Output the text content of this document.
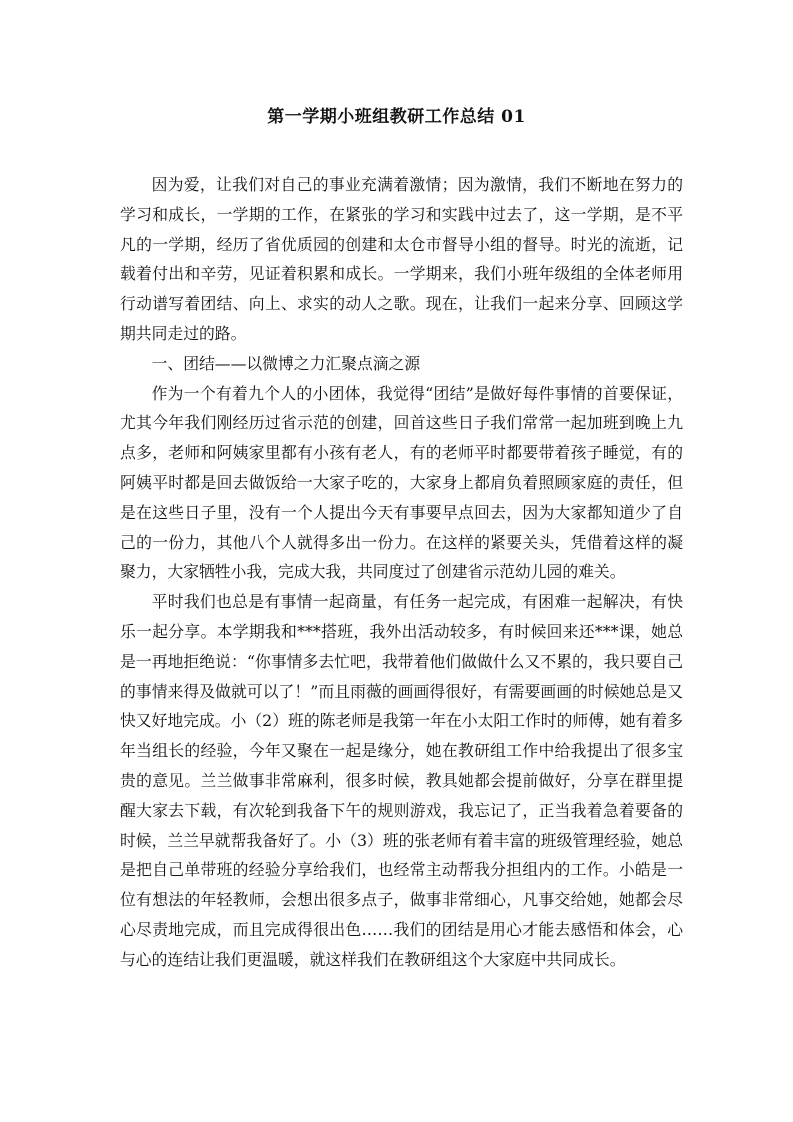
第一学期小班组教研工作总结 01

因为爱，让我们对自己的事业充满着激情；因为激情，我们不断地在努力的学习和成长，一学期的工作，在紧张的学习和实践中过去了，这一学期，是不平凡的一学期，经历了省优质园的创建和太仓市督导小组的督导。时光的流逝，记载着付出和辛劳，见证着积累和成长。一学期来，我们小班年级组的全体老师用行动谱写着团结、向上、求实的动人之歌。现在，让我们一起来分享、回顾这学期共同走过的路。

一、团结——以微博之力汇聚点滴之源

作为一个有着九个人的小团体，我觉得“团结”是做好每件事情的首要保证，尤其今年我们刚经历过省示范的创建，回首这些日子我们常常一起加班到晚上九点多，老师和阿姨家里都有小孩有老人，有的老师平时都要带着孩子睡觉，有的阿姨平时都是回去做饭给一大家子吃的，大家身上都肩负着照顾家庭的责任，但是在这些日子里，没有一个人提出今天有事要早点回去，因为大家都知道少了自己的一份力，其他八个人就得多出一份力。在这样的紧要关头，凭借着这样的凝聚力，大家牺牲小我，完成大我，共同度过了创建省示范幼儿园的难关。

平时我们也总是有事情一起商量，有任务一起完成，有困难一起解决，有快乐一起分享。本学期我和***搭班，我外出活动较多，有时候回来还***课，她总是一再地拒绝说：“你事情多去忙吧，我带着他们做做什么又不累的，我只要自己的事情来得及做就可以了！”而且雨薇的画画得很好，有需要画画的时候她总是又快又好地完成。小（2）班的陈老师是我第一年在小太阳工作时的师傅，她有着多年当组长的经验，今年又聚在一起是缘分，她在教研组工作中给我提出了很多宝贵的意见。兰兰做事非常麻利，很多时候，教具她都会提前做好，分享在群里提醒大家去下载，有次轮到我备下午的规则游戏，我忘记了，正当我着急着要备的时候，兰兰早就帮我备好了。小（3）班的张老师有着丰富的班级管理经验，她总是把自己单带班的经验分享给我们，也经常主动帮我分担组内的工作。小皓是一位有想法的年轻教师，会想出很多点子，做事非常细心，凡事交给她，她都会尽心尽责地完成，而且完成得很出色……我们的团结是用心才能去感悟和体会，心与心的连结让我们更温暖，就这样我们在教研组这个大家庭中共同成长。
